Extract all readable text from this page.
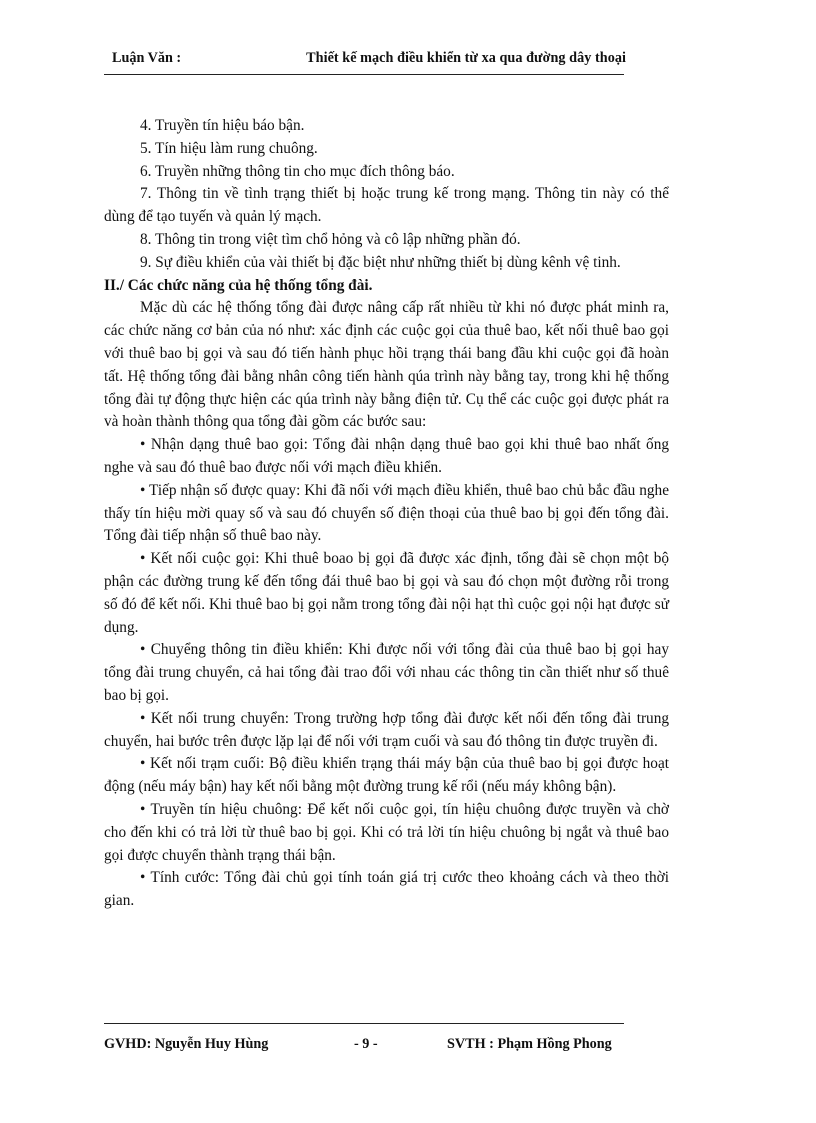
Luận Văn :	Thiết kế mạch điều khiển từ xa qua đường dây thoại

4. Truyền tín hiệu báo bận.

5. Tín hiệu làm rung chuông.

6. Truyền những thông tin cho mục đích thông báo.

7. Thông tin về tình trạng thiết bị hoặc trung kế trong mạng. Thông tin này có thể dùng để tạo tuyến và quản lý mạch.

8. Thông tin trong việt tìm chổ hỏng và cô lập những phần đó.

9. Sự điều khiển của vài thiết bị đặc biệt như những thiết bị dùng kênh vệ tinh.

II./ Các chức năng của hệ thống tổng đài.

Mặc dù các hệ thống tổng đài được nâng cấp rất nhiều từ khi nó được phát minh ra, các chức năng cơ bản của nó như: xác định các cuộc gọi của thuê bao, kết nối thuê bao gọi với thuê bao bị gọi và sau đó tiến hành phục hồi trạng thái bang đầu khi cuộc gọi đã hoàn tất. Hệ thống tổng đài bằng nhân công tiến hành qúa trình này bằng tay, trong khi hệ thống tổng đài tự động thực hiện các qúa trình này bằng điện tử. Cụ thể các cuộc gọi được phát ra và hoàn thành thông qua tổng đài gồm các bước sau:

• Nhận dạng thuê bao gọi: Tổng đài nhận dạng thuê bao gọi khi thuê bao nhất ống nghe và sau đó thuê bao được nối với mạch điều khiển.

• Tiếp nhận số được quay: Khi đã nối với mạch điều khiển, thuê bao chủ bắc đầu nghe thấy tín hiệu mời quay số và sau đó chuyển số điện thoại của thuê bao bị gọi đến tổng đài. Tổng đài tiếp nhận số thuê bao này.

• Kết nối cuộc gọi: Khi thuê boao bị gọi đã được xác định, tổng đài sẽ chọn một bộ phận các đường trung kế đến tổng đái thuê bao bị gọi và sau đó chọn một đường rỗi trong số đó để kết nối. Khi thuê bao bị gọi nằm trong tổng đài nội hạt thì cuộc gọi nội hạt được sử dụng.

• Chuyểng thông tin điều khiển: Khi được nối với tổng đài của thuê bao bị gọi hay tổng đài trung chuyển, cả hai tổng đài trao đổi với nhau các thông tin cần thiết như số thuê bao bị gọi.

• Kết nối trung chuyển: Trong trường hợp tổng đài được kết nối đến tổng đài trung chuyển, hai bước trên được lặp lại để nối với trạm cuối và sau đó thông tin được truyền đi.

• Kết nối trạm cuối: Bộ điều khiển trạng thái máy bận của thuê bao bị gọi được hoạt động (nếu máy bận) hay kết nối bằng một đường trung kế rổi (nếu máy không bận).

• Truyền tín hiệu chuông: Để kết nối cuộc gọi, tín hiệu chuông được truyền và chờ cho đến khi có trả lời từ thuê bao bị gọi. Khi có trả lời tín hiệu chuông bị ngắt và thuê bao gọi được chuyển thành trạng thái bận.

• Tính cước: Tổng đài chủ gọi tính toán giá trị cước theo khoảng cách và theo thời gian.

GVHD: Nguyễn Huy Hùng	- 9 -	SVTH : Phạm Hồng Phong
